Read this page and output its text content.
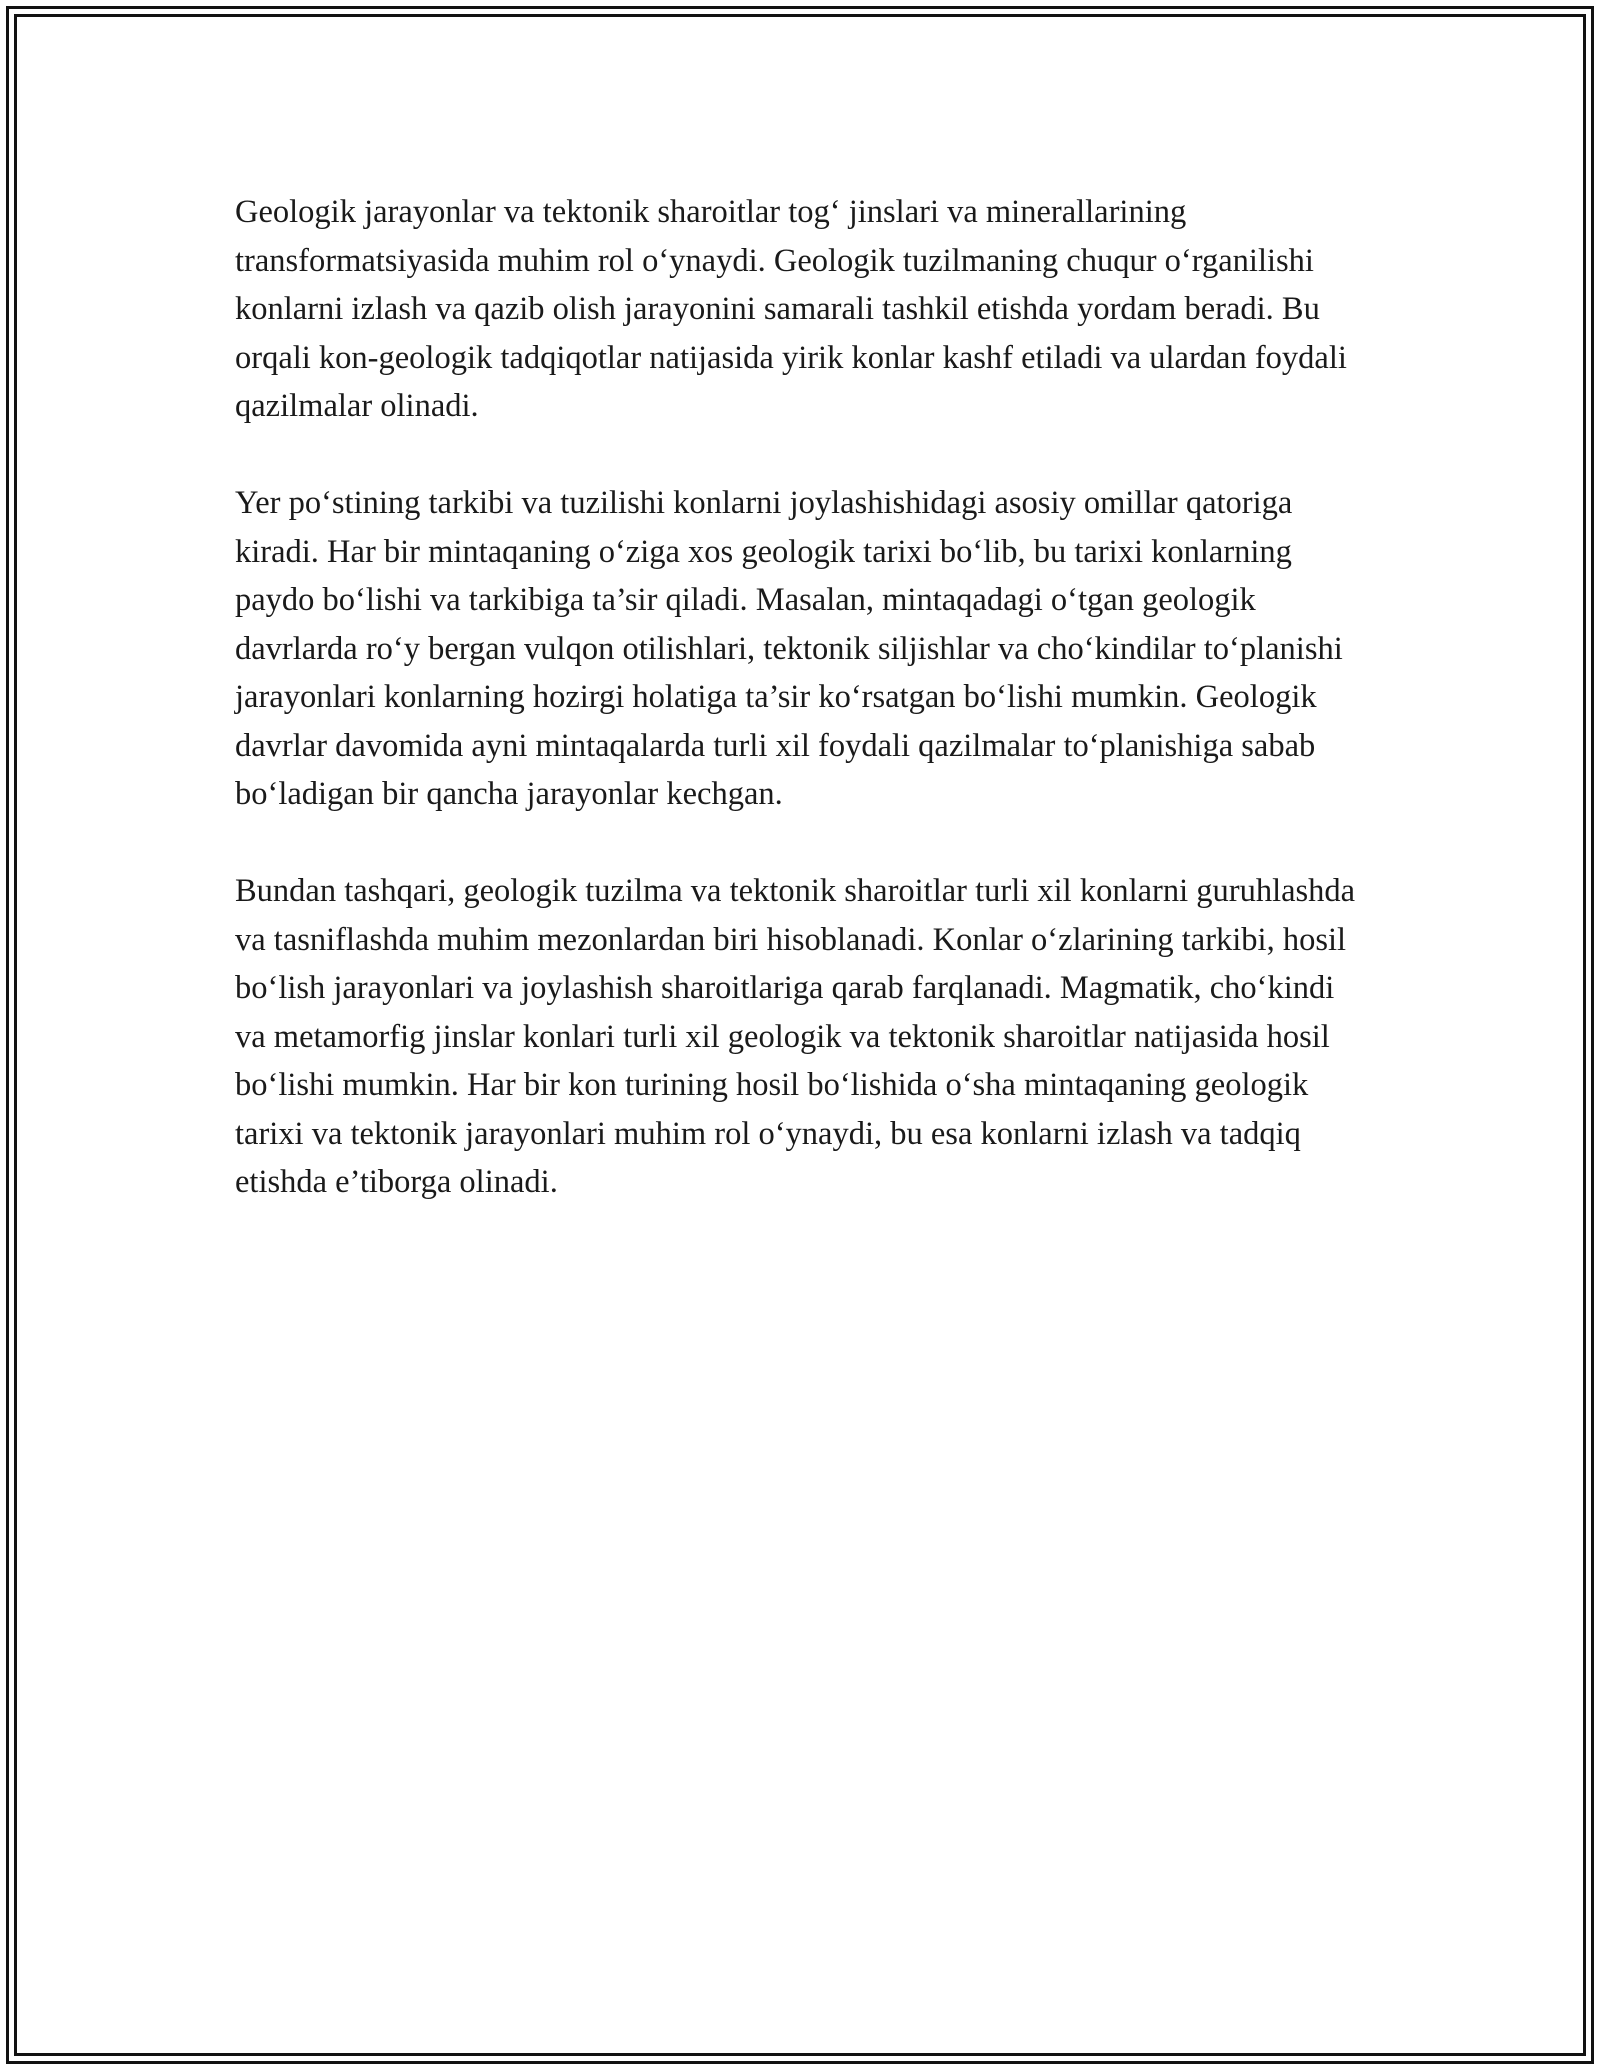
Geologik jarayonlar va tektonik sharoitlar tog‘ jinslari va minerallarining transformatsiyasida muhim rol o‘ynaydi. Geologik tuzilmaning chuqur o‘rganilishi konlarni izlash va qazib olish jarayonini samarali tashkil etishda yordam beradi. Bu orqali kon-geologik tadqiqotlar natijasida yirik konlar kashf etiladi va ulardan foydali qazilmalar olinadi.

Yer po‘stining tarkibi va tuzilishi konlarni joylashishidagi asosiy omillar qatoriga kiradi. Har bir mintaqaning o‘ziga xos geologik tarixi bo‘lib, bu tarixi konlarning paydo bo‘lishi va tarkibiga ta’sir qiladi. Masalan, mintaqadagi o‘tgan geologik davrlarda ro‘y bergan vulqon otilishlari, tektonik siljishlar va cho‘kindilar to‘planishi jarayonlari konlarning hozirgi holatiga ta’sir ko‘rsatgan bo‘lishi mumkin. Geologik davrlar davomida ayni mintaqalarda turli xil foydali qazilmalar to‘planishiga sabab bo‘ladigan bir qancha jarayonlar kechgan.

Bundan tashqari, geologik tuzilma va tektonik sharoitlar turli xil konlarni guruhlashda va tasniflashda muhim mezonlardan biri hisoblanadi. Konlar o‘zlarining tarkibi, hosil bo‘lish jarayonlari va joylashish sharoitlariga qarab farqlanadi. Magmatik, cho‘kindi va metamorfig jinslar konlari turli xil geologik va tektonik sharoitlar natijasida hosil bo‘lishi mumkin. Har bir kon turining hosil bo‘lishida o‘sha mintaqaning geologik tarixi va tektonik jarayonlari muhim rol o‘ynaydi, bu esa konlarni izlash va tadqiq etishda e’tiborga olinadi.
